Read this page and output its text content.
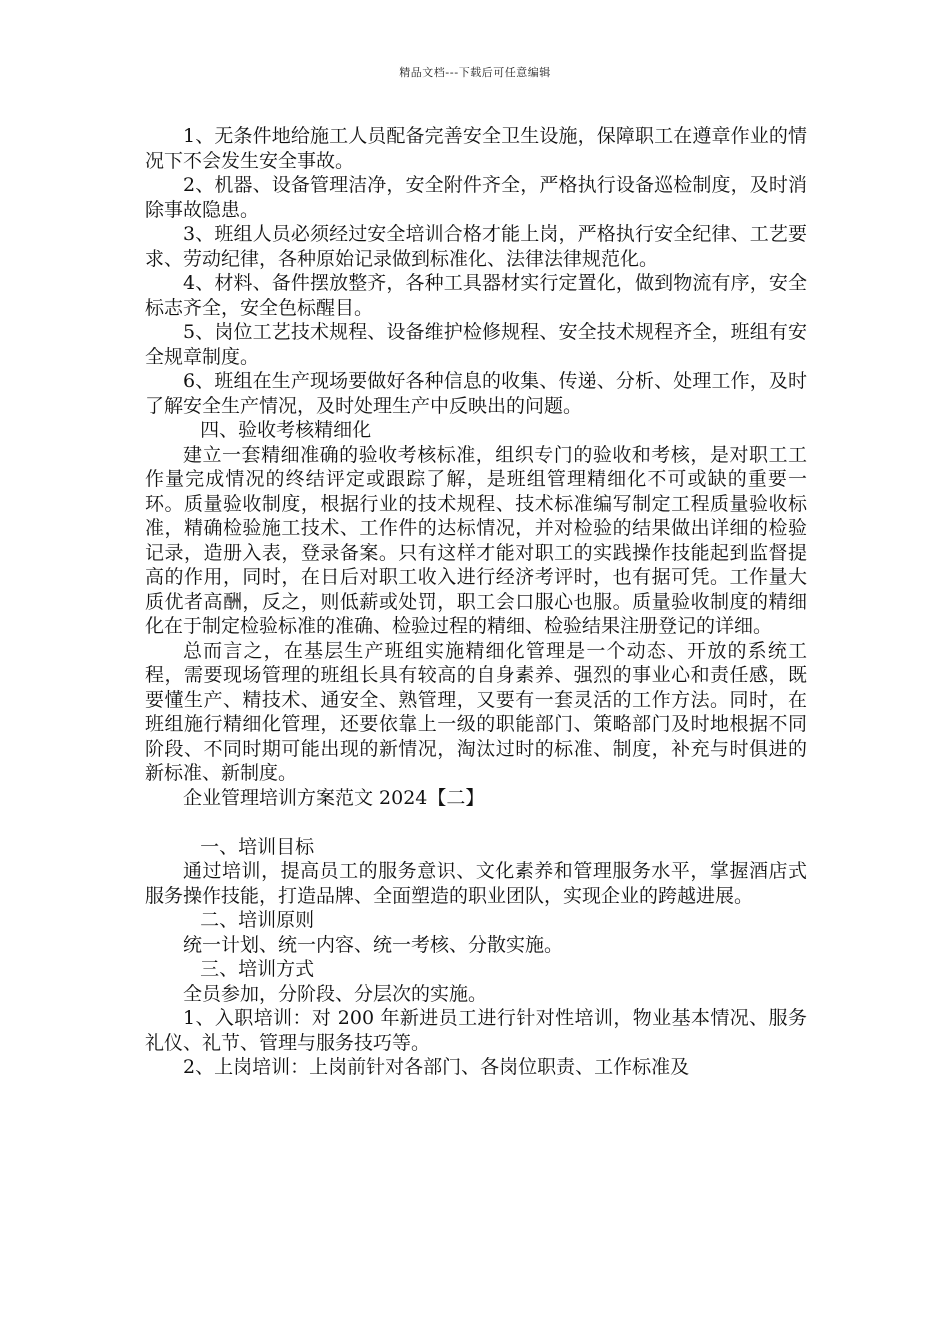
精品文档---下载后可任意编辑

1、无条件地给施工人员配备完善安全卫生设施，保障职工在遵章作业的情况下不会发生安全事故。

2、机器、设备管理洁净，安全附件齐全，严格执行设备巡检制度，及时消除事故隐患。

3、班组人员必须经过安全培训合格才能上岗，严格执行安全纪律、工艺要求、劳动纪律，各种原始记录做到标准化、法律法律规范化。

4、材料、备件摆放整齐，各种工具器材实行定置化，做到物流有序，安全标志齐全，安全色标醒目。

5、岗位工艺技术规程、设备维护检修规程、安全技术规程齐全，班组有安全规章制度。

6、班组在生产现场要做好各种信息的收集、传递、分析、处理工作，及时了解安全生产情况，及时处理生产中反映出的问题。

四、验收考核精细化

建立一套精细准确的验收考核标准，组织专门的验收和考核，是对职工工作量完成情况的终结评定或跟踪了解，是班组管理精细化不可或缺的重要一环。质量验收制度，根据行业的技术规程、技术标准编写制定工程质量验收标准，精确检验施工技术、工作件的达标情况，并对检验的结果做出详细的检验记录，造册入表，登录备案。只有这样才能对职工的实践操作技能起到监督提高的作用，同时，在日后对职工收入进行经济考评时，也有据可凭。工作量大质优者高酬，反之，则低薪或处罚，职工会口服心也服。质量验收制度的精细化在于制定检验标准的准确、检验过程的精细、检验结果注册登记的详细。

总而言之，在基层生产班组实施精细化管理是一个动态、开放的系统工程，需要现场管理的班组长具有较高的自身素养、强烈的事业心和责任感，既要懂生产、精技术、通安全、熟管理，又要有一套灵活的工作方法。同时，在班组施行精细化管理，还要依靠上一级的职能部门、策略部门及时地根据不同阶段、不同时期可能出现的新情况，淘汰过时的标准、制度，补充与时俱进的新标准、新制度。

企业管理培训方案范文 2024【二】

一、培训目标

通过培训，提高员工的服务意识、文化素养和管理服务水平，掌握酒店式服务操作技能，打造品牌、全面塑造的职业团队，实现企业的跨越进展。

二、培训原则

统一计划、统一内容、统一考核、分散实施。

三、培训方式

全员参加，分阶段、分层次的实施。

1、入职培训：对 200 年新进员工进行针对性培训，物业基本情况、服务礼仪、礼节、管理与服务技巧等。

2、上岗培训：上岗前针对各部门、各岗位职责、工作标准及
